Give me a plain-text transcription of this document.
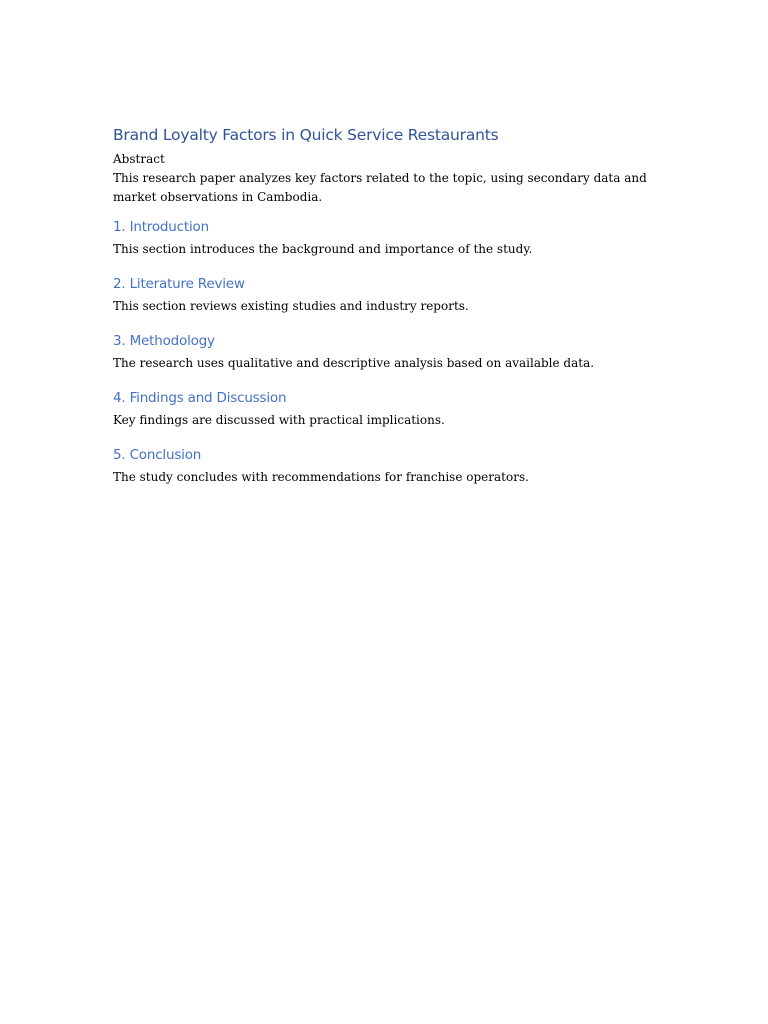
Brand Loyalty Factors in Quick Service Restaurants

Abstract

This research paper analyzes key factors related to the topic, using secondary data and market observations in Cambodia.

1. Introduction

This section introduces the background and importance of the study.

2. Literature Review

This section reviews existing studies and industry reports.

3. Methodology

The research uses qualitative and descriptive analysis based on available data.

4. Findings and Discussion

Key findings are discussed with practical implications.

5. Conclusion

The study concludes with recommendations for franchise operators.
